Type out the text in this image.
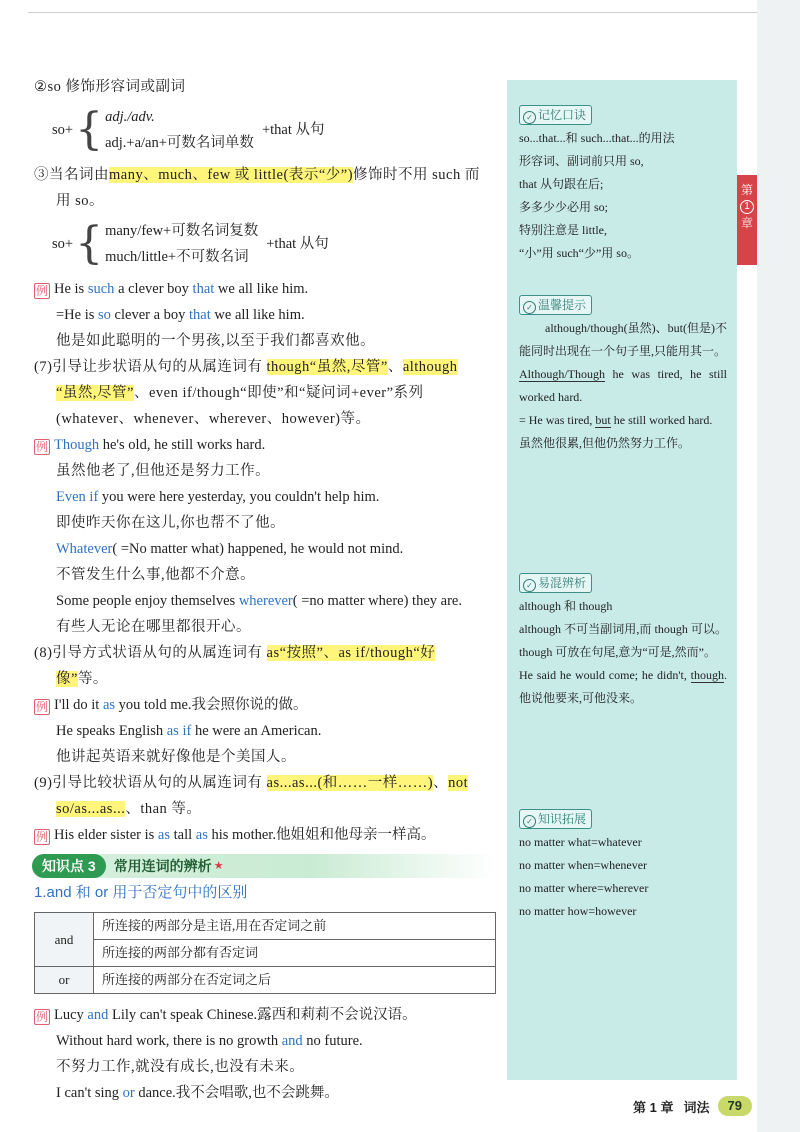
②so 修饰形容词或副词
so+ { adj./adv.
adj.+a/an+可数名词单数
+that 从句
③当名词由many、much、few 或 little(表示“少”)修饰时不用 such 而
用 so。
so+ { many/few+可数名词复数
much/little+不可数名词
+that 从句
例 He is such a clever boy that we all like him.
=He is so clever a boy that we all like him.
他是如此聪明的一个男孩,以至于我们都喜欢他。
(7)引导让步状语从句的从属连词有 though“虽然,尽管”、although
“虽然,尽管”、even if/though“即使”和“疑问词+ever”系列
(whatever、whenever、wherever、however)等。
例 Though he's old, he still works hard.
虽然他老了,但他还是努力工作。
Even if you were here yesterday, you couldn't help him.
即使昨天你在这儿,你也帮不了他。
Whatever( =No matter what) happened, he would not mind.
不管发生什么事,他都不介意。
Some people enjoy themselves wherever( =no matter where) they are.
有些人无论在哪里都很开心。
(8)引导方式状语从句的从属连词有 as“按照”、as if/though“好
像”等。
例 I'll do it as you told me.我会照你说的做。
He speaks English as if he were an American.
他讲起英语来就好像他是个美国人。
(9)引导比较状语从句的从属连词有 as...as...(和……一样……)、not
so/as...as...、than 等。
例 His elder sister is as tall as his mother.他姐姐和他母亲一样高。
知识点 3	常用连词的辨析 ★
1.and 和 or 用于否定句中的区别
and	所连接的两部分是主语,用在否定词之前
	所连接的两部分都有否定词
or	所连接的两部分在否定词之后
例 Lucy and Lily can't speak Chinese.露西和莉莉不会说汉语。
Without hard work, there is no growth and no future.
不努力工作,就没有成长,也没有未来。
I can't sing or dance.我不会唱歌,也不会跳舞。
✓ 记忆口诀
so...that...和 such...that...的用法
形容词、副词前只用 so,
that 从句跟在后;
多多少少必用 so;
特别注意是 little,
“小”用 such“少”用 so。
✓ 温馨提示
although/though(虽然)、but(但是)不能同时出现在一个句子里,只能用其一。
Although/Though he was tired, he still worked hard.
= He was tired, but he still worked hard.
虽然他很累,但他仍然努力工作。
✓ 易混辨析
although 和 though
although 不可当副词用,而 though 可以。though 可放在句尾,意为“可是,然而”。
He said he would come; he didn't, though.他说他要来,可他没来。
✓ 知识拓展
no matter what=whatever
no matter when=whenever
no matter where=wherever
no matter how=however
第
1
章
第 1 章 词法	79
